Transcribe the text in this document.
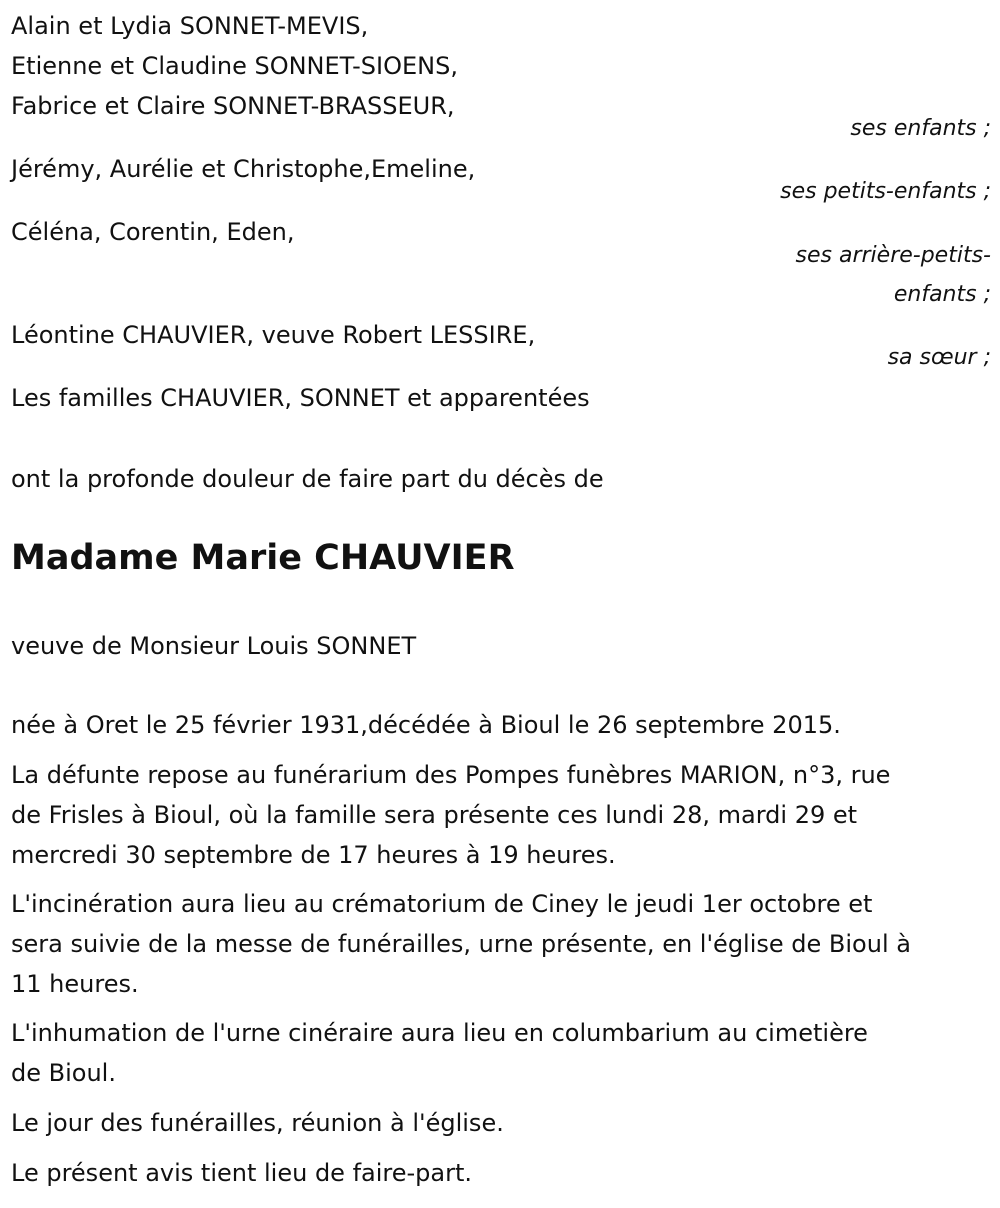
Alain et Lydia SONNET-MEVIS,

Etienne et Claudine SONNET-SIOENS,

Fabrice et Claire SONNET-BRASSEUR,

ses enfants ;

Jérémy, Aurélie et Christophe,Emeline,

ses petits-enfants ;

Céléna, Corentin, Eden,

ses arrière-petits-

enfants ;

Léontine CHAUVIER, veuve Robert LESSIRE,

sa sœur ;

Les familles CHAUVIER, SONNET et apparentées

ont la profonde douleur de faire part du décès de

Madame Marie CHAUVIER

veuve de Monsieur Louis SONNET

née à Oret le 25 février 1931,décédée à Bioul le 26 septembre 2015.

La défunte repose au funérarium des Pompes funèbres MARION, n°3, rue
de Frisles à Bioul, où la famille sera présente ces lundi 28, mardi 29 et
mercredi 30 septembre de 17 heures à 19 heures.
L'incinération aura lieu au crématorium de Ciney le jeudi 1er octobre et
sera suivie de la messe de funérailles, urne présente, en l'église de Bioul à
11 heures.
L'inhumation de l'urne cinéraire aura lieu en columbarium au cimetière
de Bioul.

Le jour des funérailles, réunion à l'église.

Le présent avis tient lieu de faire-part.
